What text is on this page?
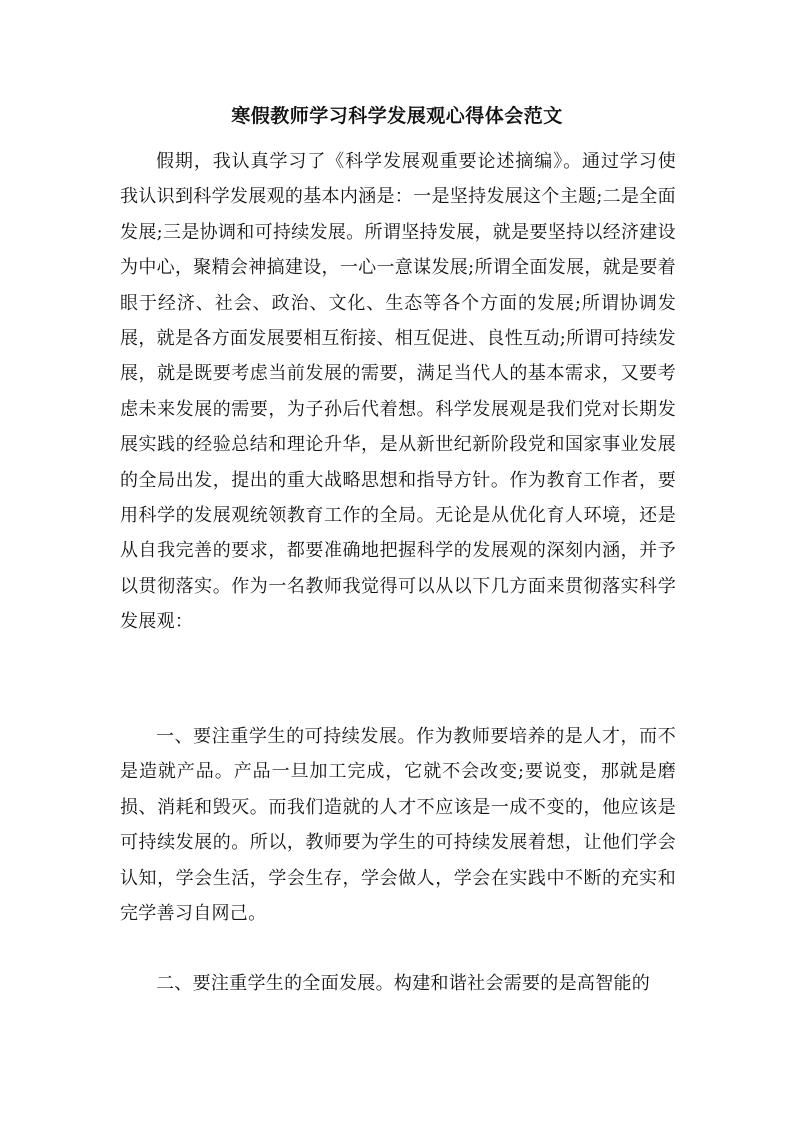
寒假教师学习科学发展观心得体会范文

假期，我认真学习了《科学发展观重要论述摘编》。通过学习使我认识到科学发展观的基本内涵是：一是坚持发展这个主题;二是全面发展;三是协调和可持续发展。所谓坚持发展，就是要坚持以经济建设为中心，聚精会神搞建设，一心一意谋发展;所谓全面发展，就是要着眼于经济、社会、政治、文化、生态等各个方面的发展;所谓协调发展，就是各方面发展要相互衔接、相互促进、良性互动;所谓可持续发展，就是既要考虑当前发展的需要，满足当代人的基本需求，又要考虑未来发展的需要，为子孙后代着想。科学发展观是我们党对长期发展实践的经验总结和理论升华，是从新世纪新阶段党和国家事业发展的全局出发，提出的重大战略思想和指导方针。作为教育工作者，要用科学的发展观统领教育工作的全局。无论是从优化育人环境，还是从自我完善的要求，都要准确地把握科学的发展观的深刻内涵，并予以贯彻落实。作为一名教师我觉得可以从以下几方面来贯彻落实科学发展观：

一、要注重学生的可持续发展。作为教师要培养的是人才，而不是造就产品。产品一旦加工完成，它就不会改变;要说变，那就是磨损、消耗和毁灭。而我们造就的人才不应该是一成不变的，他应该是可持续发展的。所以，教师要为学生的可持续发展着想，让他们学会认知，学会生活，学会生存，学会做人，学会在实践中不断的充实和完学善习自网己。

二、要注重学生的全面发展。构建和谐社会需要的是高智能的
